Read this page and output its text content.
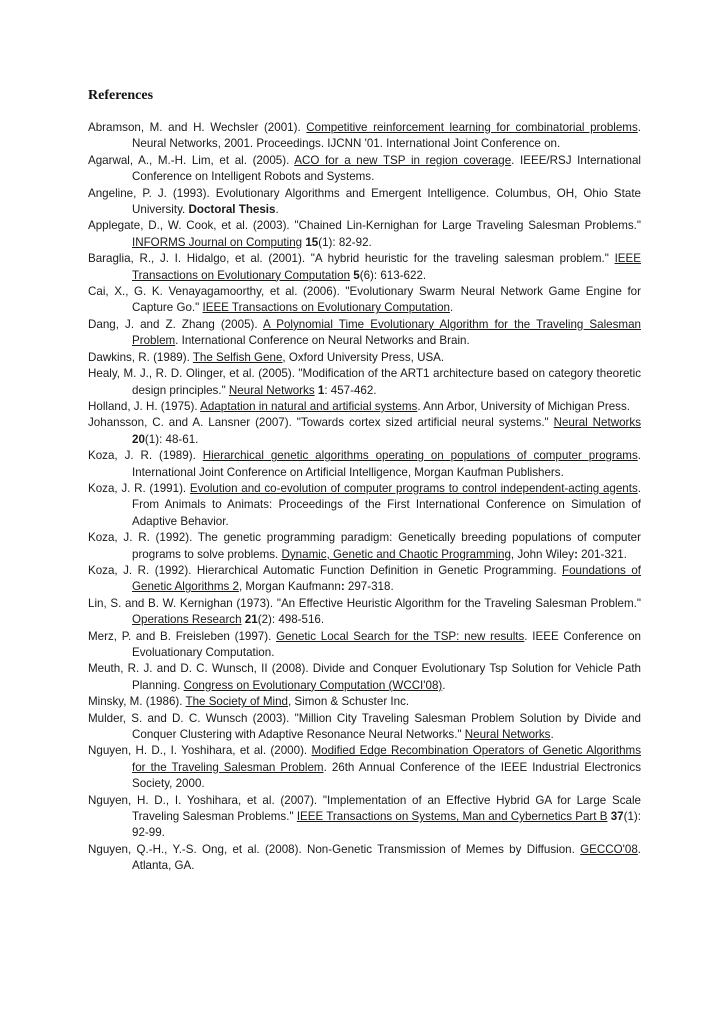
References

Abramson, M. and H. Wechsler (2001). Competitive reinforcement learning for combinatorial problems. Neural Networks, 2001. Proceedings. IJCNN '01. International Joint Conference on.

Agarwal, A., M.-H. Lim, et al. (2005). ACO for a new TSP in region coverage. IEEE/RSJ International Conference on Intelligent Robots and Systems.

Angeline, P. J. (1993). Evolutionary Algorithms and Emergent Intelligence. Columbus, OH, Ohio State University. Doctoral Thesis.

Applegate, D., W. Cook, et al. (2003). "Chained Lin-Kernighan for Large Traveling Salesman Problems." INFORMS Journal on Computing 15(1): 82-92.

Baraglia, R., J. I. Hidalgo, et al. (2001). "A hybrid heuristic for the traveling salesman problem." IEEE Transactions on Evolutionary Computation 5(6): 613-622.

Cai, X., G. K. Venayagamoorthy, et al. (2006). "Evolutionary Swarm Neural Network Game Engine for Capture Go." IEEE Transactions on Evolutionary Computation.

Dang, J. and Z. Zhang (2005). A Polynomial Time Evolutionary Algorithm for the Traveling Salesman Problem. International Conference on Neural Networks and Brain.

Dawkins, R. (1989). The Selfish Gene, Oxford University Press, USA.

Healy, M. J., R. D. Olinger, et al. (2005). "Modification of the ART1 architecture based on category theoretic design principles." Neural Networks 1: 457-462.

Holland, J. H. (1975). Adaptation in natural and artificial systems. Ann Arbor, University of Michigan Press.

Johansson, C. and A. Lansner (2007). "Towards cortex sized artificial neural systems." Neural Networks 20(1): 48-61.

Koza, J. R. (1989). Hierarchical genetic algorithms operating on populations of computer programs. International Joint Conference on Artificial Intelligence, Morgan Kaufman Publishers.

Koza, J. R. (1991). Evolution and co-evolution of computer programs to control independent-acting agents. From Animals to Animats: Proceedings of the First International Conference on Simulation of Adaptive Behavior.

Koza, J. R. (1992). The genetic programming paradigm: Genetically breeding populations of computer programs to solve problems. Dynamic, Genetic and Chaotic Programming, John Wiley: 201-321.

Koza, J. R. (1992). Hierarchical Automatic Function Definition in Genetic Programming. Foundations of Genetic Algorithms 2, Morgan Kaufmann: 297-318.

Lin, S. and B. W. Kernighan (1973). "An Effective Heuristic Algorithm for the Traveling Salesman Problem." Operations Research 21(2): 498-516.

Merz, P. and B. Freisleben (1997). Genetic Local Search for the TSP: new results. IEEE Conference on Evoluationary Computation.

Meuth, R. J. and D. C. Wunsch, II (2008). Divide and Conquer Evolutionary Tsp Solution for Vehicle Path Planning. Congress on Evolutionary Computation (WCCI'08).

Minsky, M. (1986). The Society of Mind, Simon & Schuster Inc.

Mulder, S. and D. C. Wunsch (2003). "Million City Traveling Salesman Problem Solution by Divide and Conquer Clustering with Adaptive Resonance Neural Networks." Neural Networks.

Nguyen, H. D., I. Yoshihara, et al. (2000). Modified Edge Recombination Operators of Genetic Algorithms for the Traveling Salesman Problem. 26th Annual Conference of the IEEE Industrial Electronics Society, 2000.

Nguyen, H. D., I. Yoshihara, et al. (2007). "Implementation of an Effective Hybrid GA for Large Scale Traveling Salesman Problems." IEEE Transactions on Systems, Man and Cybernetics Part B 37(1): 92-99.

Nguyen, Q.-H., Y.-S. Ong, et al. (2008). Non-Genetic Transmission of Memes by Diffusion. GECCO'08. Atlanta, GA.
